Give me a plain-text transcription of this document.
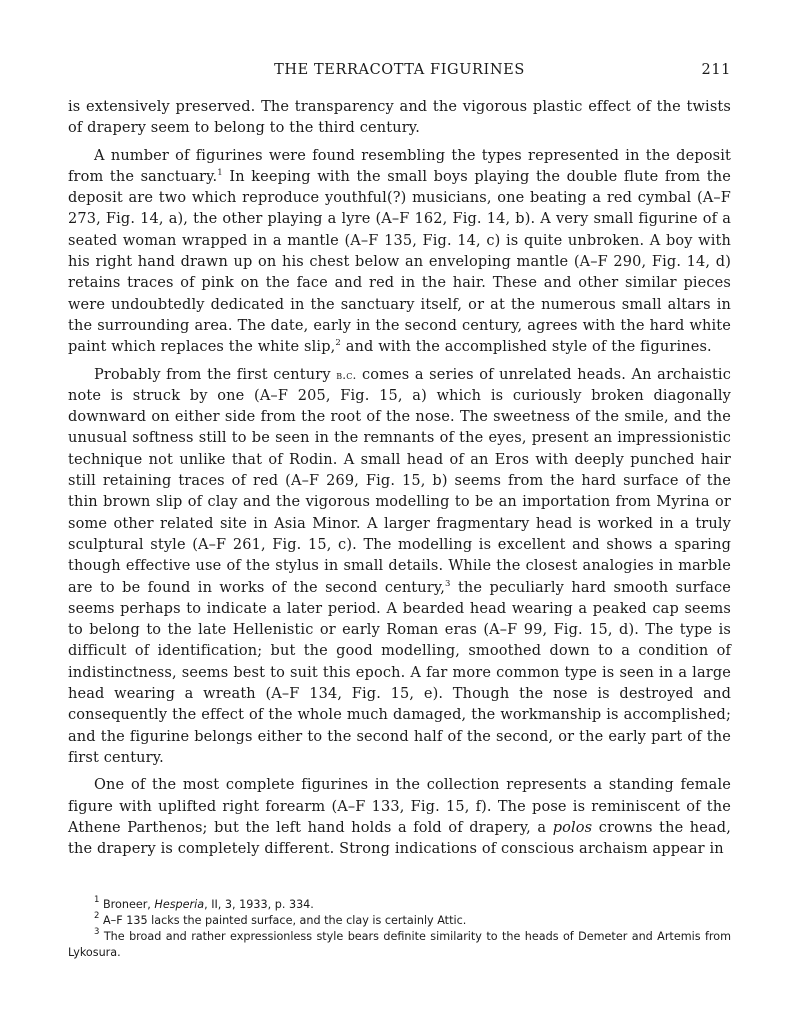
THE TERRACOTTA FIGURINES	211

is extensively preserved. The transparency and the vigorous plastic effect of the twists of drapery seem to belong to the third century.

A number of figurines were found resembling the types represented in the deposit from the sanctuary.$^1$ In keeping with the small boys playing the double flute from the deposit are two which reproduce youthful(?) musicians, one beating a red cymbal (A–F 273, Fig. 14, a), the other playing a lyre (A–F 162, Fig. 14, b). A very small figurine of a seated woman wrapped in a mantle (A–F 135, Fig. 14, c) is quite unbroken. A boy with his right hand drawn up on his chest below an enveloping mantle (A–F 290, Fig. 14, d) retains traces of pink on the face and red in the hair. These and other similar pieces were undoubtedly dedicated in the sanctuary itself, or at the numerous small altars in the surrounding area. The date, early in the second century, agrees with the hard white paint which replaces the white slip,$^2$ and with the accomplished style of the figurines.

Probably from the first century b.c. comes a series of unrelated heads. An archaistic note is struck by one (A–F 205, Fig. 15, a) which is curiously broken diagonally downward on either side from the root of the nose. The sweetness of the smile, and the unusual softness still to be seen in the remnants of the eyes, present an impressionistic technique not unlike that of Rodin. A small head of an Eros with deeply punched hair still retaining traces of red (A–F 269, Fig. 15, b) seems from the hard surface of the thin brown slip of clay and the vigorous modelling to be an importation from Myrina or some other related site in Asia Minor. A larger fragmentary head is worked in a truly sculptural style (A–F 261, Fig. 15, c). The modelling is excellent and shows a sparing though effective use of the stylus in small details. While the closest analogies in marble are to be found in works of the second century,$^3$ the peculiarly hard smooth surface seems perhaps to indicate a later period. A bearded head wearing a peaked cap seems to belong to the late Hellenistic or early Roman eras (A–F 99, Fig. 15, d). The type is difficult of identification; but the good modelling, smoothed down to a condition of indistinctness, seems best to suit this epoch. A far more common type is seen in a large head wearing a wreath (A–F 134, Fig. 15, e). Though the nose is destroyed and consequently the effect of the whole much damaged, the workmanship is accomplished; and the figurine belongs either to the second half of the second, or the early part of the first century.

One of the most complete figurines in the collection represents a standing female figure with uplifted right forearm (A–F 133, Fig. 15, f). The pose is reminiscent of the Athene Parthenos; but the left hand holds a fold of drapery, a polos crowns the head, the drapery is completely different. Strong indications of conscious archaism appear in

$^1$ Broneer, Hesperia, II, 3, 1933, p. 334.

$^2$ A–F 135 lacks the painted surface, and the clay is certainly Attic.

$^3$ The broad and rather expressionless style bears definite similarity to the heads of Demeter and Artemis from Lykosura.
